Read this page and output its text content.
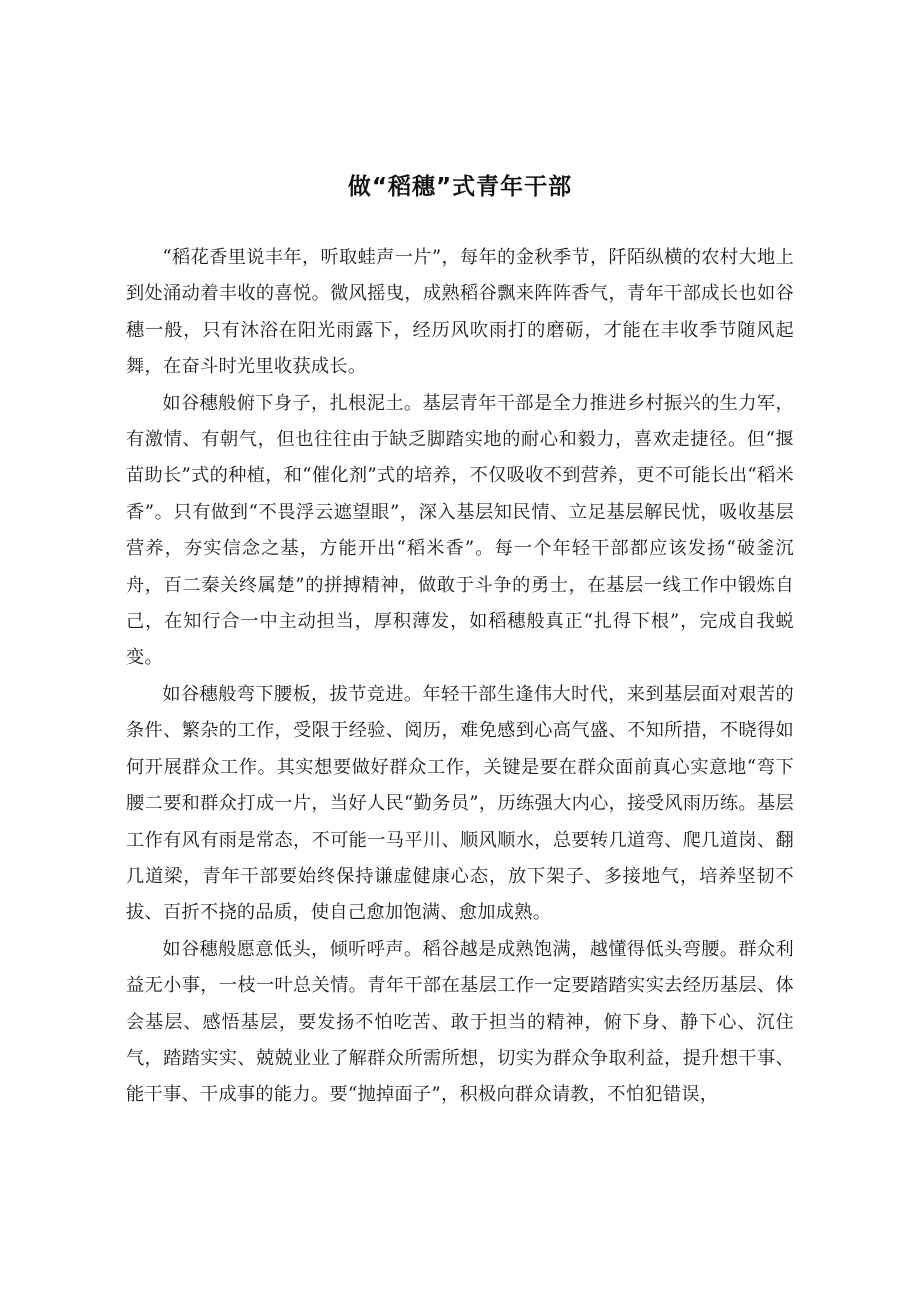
做“稻穗”式青年干部

“稻花香里说丰年，听取蛙声一片”，每年的金秋季节，阡陌纵横的农村大地上到处涌动着丰收的喜悦。微风摇曳，成熟稻谷飘来阵阵香气，青年干部成长也如谷穗一般，只有沐浴在阳光雨露下，经历风吹雨打的磨砺，才能在丰收季节随风起舞，在奋斗时光里收获成长。

如谷穗般俯下身子，扎根泥土。基层青年干部是全力推进乡村振兴的生力军，有激情、有朝气，但也往往由于缺乏脚踏实地的耐心和毅力，喜欢走捷径。但“揠苗助长”式的种植，和“催化剂”式的培养，不仅吸收不到营养，更不可能长出“稻米香”。只有做到“不畏浮云遮望眼”，深入基层知民情、立足基层解民忧，吸收基层营养，夯实信念之基，方能开出“稻米香”。每一个年轻干部都应该发扬“破釜沉舟，百二秦关终属楚”的拼搏精神，做敢于斗争的勇士，在基层一线工作中锻炼自己，在知行合一中主动担当，厚积薄发，如稻穗般真正“扎得下根”，完成自我蜕变。

如谷穗般弯下腰板，拔节竞进。年轻干部生逢伟大时代，来到基层面对艰苦的条件、繁杂的工作，受限于经验、阅历，难免感到心高气盛、不知所措，不晓得如何开展群众工作。其实想要做好群众工作，关键是要在群众面前真心实意地“弯下腰二要和群众打成一片，当好人民“勤务员”，历练强大内心，接受风雨历练。基层工作有风有雨是常态，不可能一马平川、顺风顺水，总要转几道弯、爬几道岗、翻几道梁，青年干部要始终保持谦虚健康心态，放下架子、多接地气，培养坚韧不拔、百折不挠的品质，使自己愈加饱满、愈加成熟。

如谷穗般愿意低头，倾听呼声。稻谷越是成熟饱满，越懂得低头弯腰。群众利益无小事，一枝一叶总关情。青年干部在基层工作一定要踏踏实实去经历基层、体会基层、感悟基层，要发扬不怕吃苦、敢于担当的精神，俯下身、静下心、沉住气，踏踏实实、兢兢业业了解群众所需所想，切实为群众争取利益，提升想干事、能干事、干成事的能力。要“抛掉面子”，积极向群众请教，不怕犯错误，
